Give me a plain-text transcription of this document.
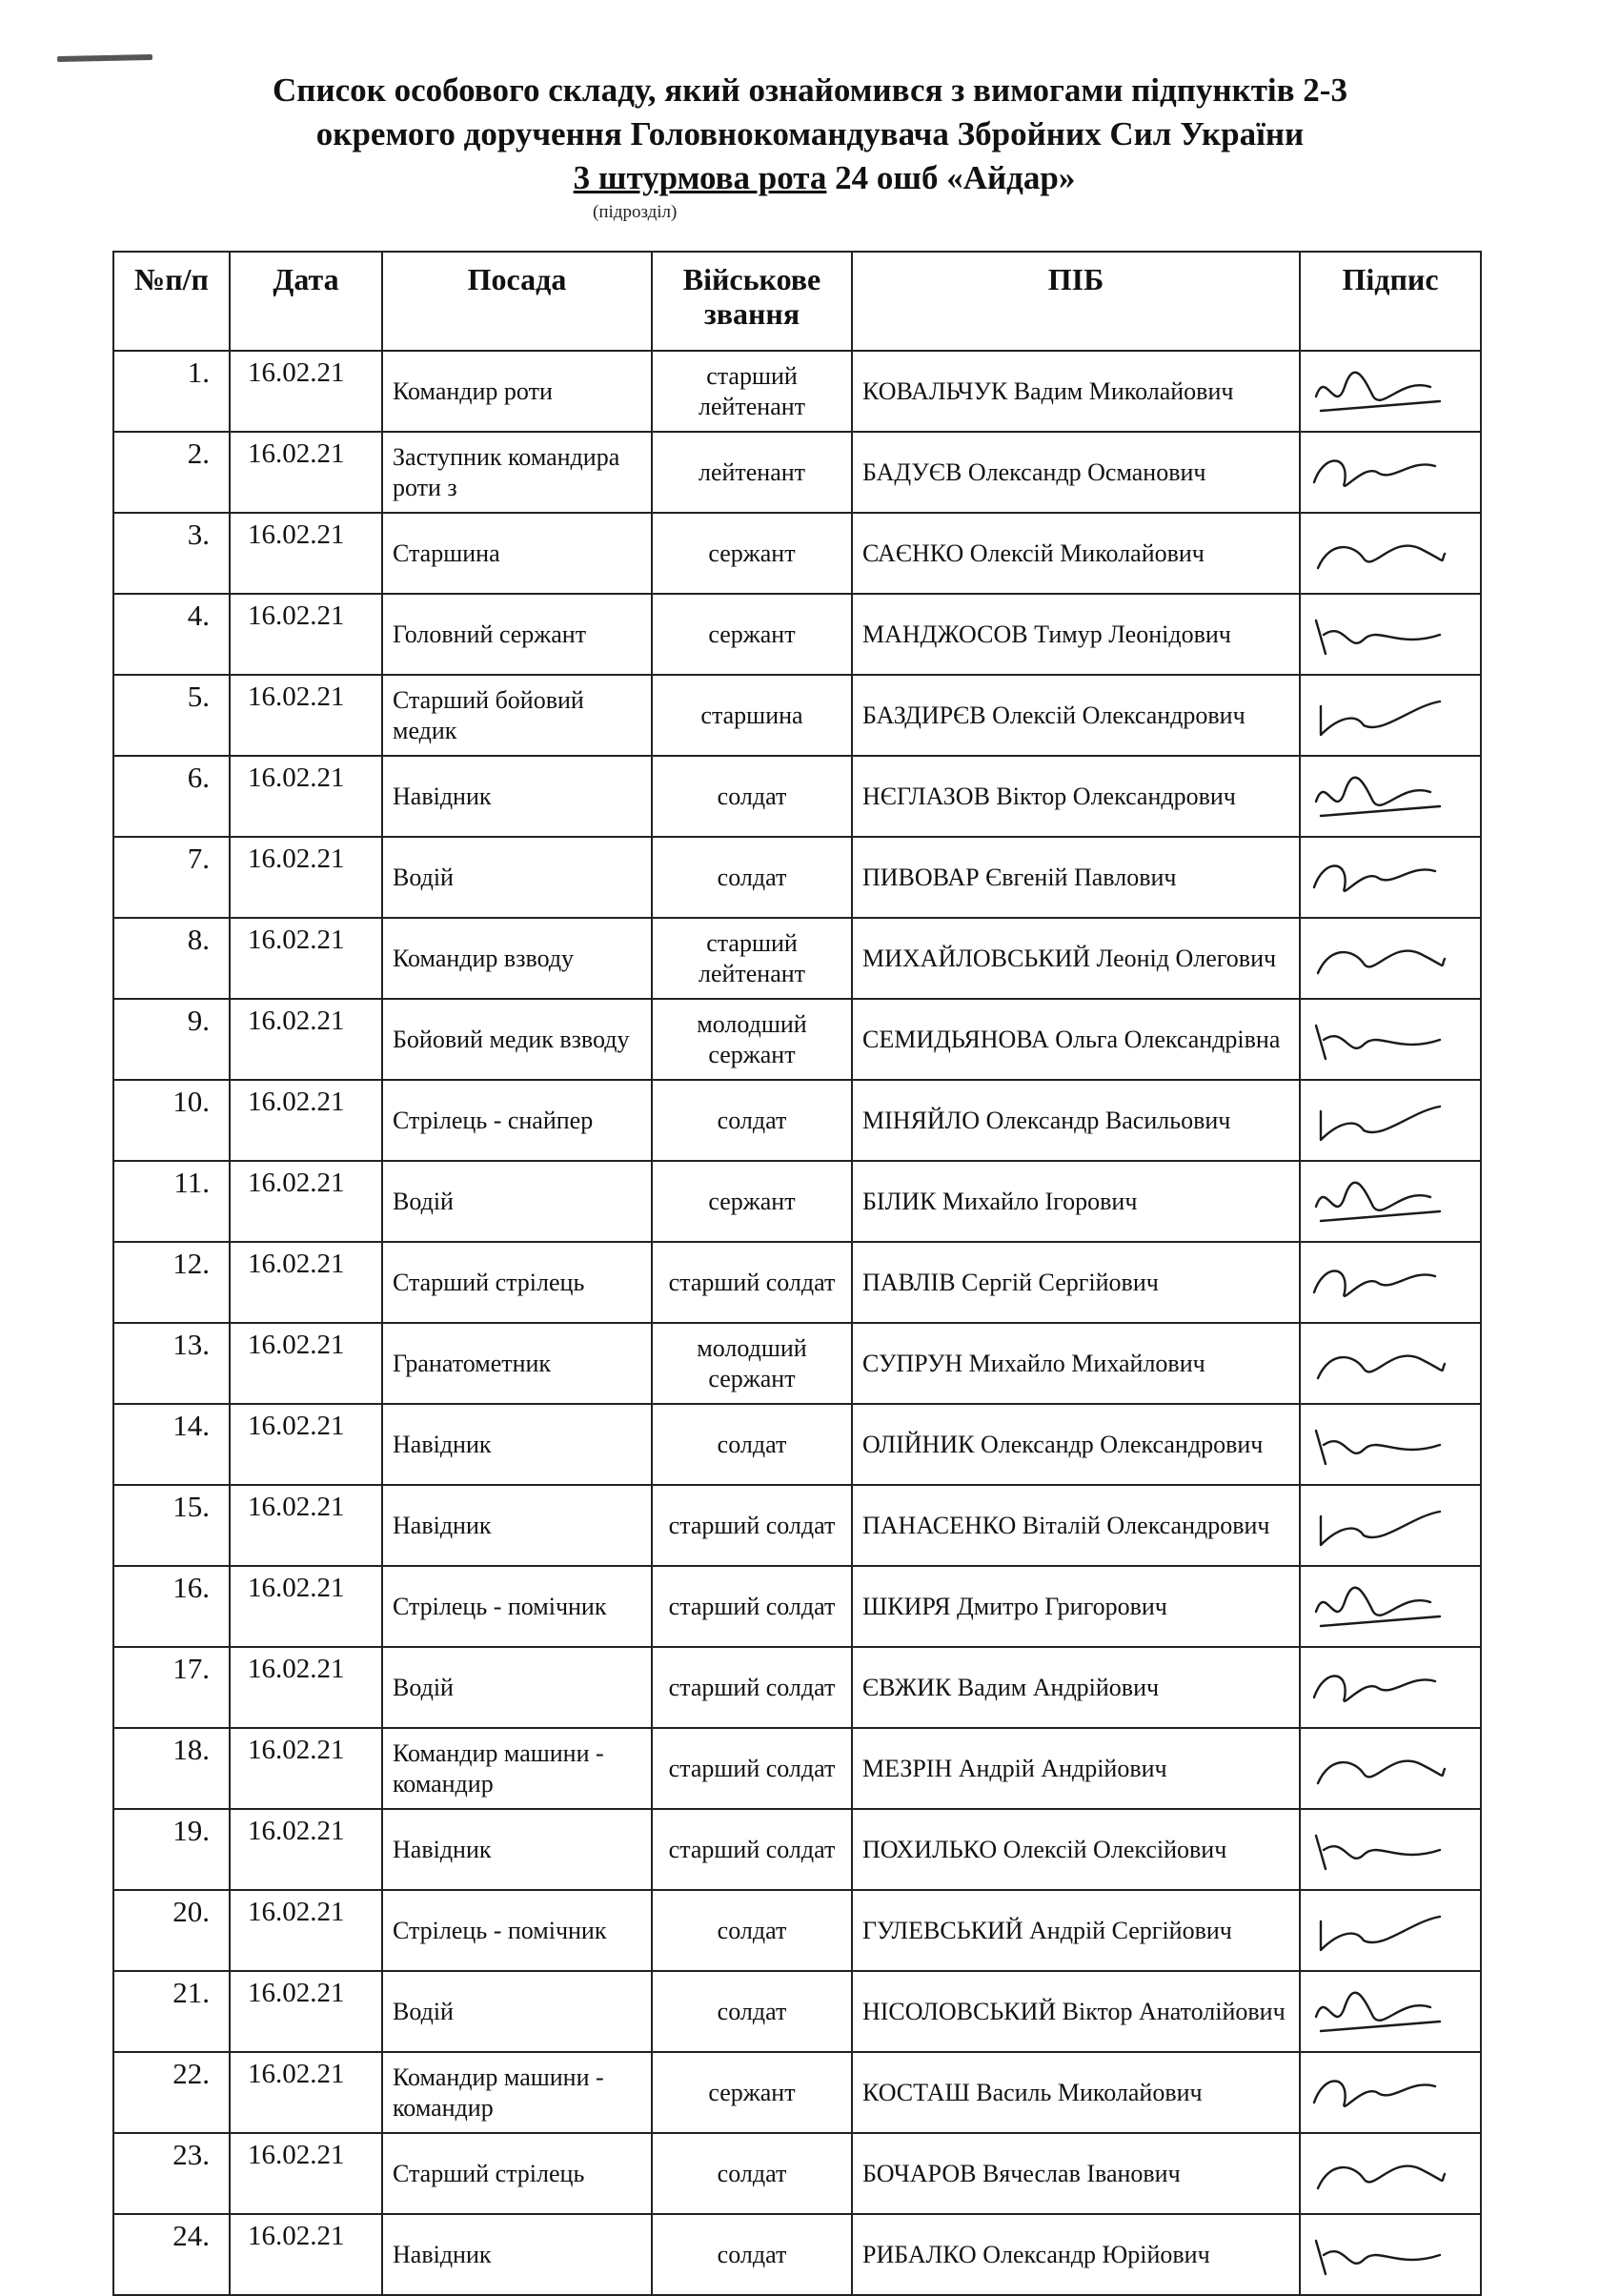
Список особового складу, який ознайомився з вимогами підпунктів 2-3

окремого доручення Головнокомандувача Збройних Сил України

3 штурмова рота 24 ошб «Айдар»

(підрозділ)
№п/п	Дата	Посада	Військове звання	ПІБ	Підпис
1.	16.02.21	Командир роти	старший лейтенант	КОВАЛЬЧУК Вадим Миколайович	

2.	16.02.21	Заступник командира роти з	лейтенант	БАДУЄВ Олександр Османович	

3.	16.02.21	Старшина	сержант	САЄНКО Олексій Миколайович	

4.	16.02.21	Головний сержант	сержант	МАНДЖОСОВ Тимур Леонідович	

5.	16.02.21	Старший бойовий медик	старшина	БАЗДИРЄВ Олексій Олександрович	

6.	16.02.21	Навідник	солдат	НЄГЛАЗОВ Віктор Олександрович	

7.	16.02.21	Водій	солдат	ПИВОВАР Євгеній Павлович	

8.	16.02.21	Командир взводу	старший лейтенант	МИХАЙЛОВСЬКИЙ Леонід Олегович	

9.	16.02.21	Бойовий медик взводу	молодший сержант	СЕМИДЬЯНОВА Ольга Олександрівна	

10.	16.02.21	Стрілець - снайпер	солдат	МІНЯЙЛО Олександр Васильович	

11.	16.02.21	Водій	сержант	БІЛИК Михайло Ігорович	

12.	16.02.21	Старший стрілець	старший солдат	ПАВЛІВ Сергій Сергійович	

13.	16.02.21	Гранатометник	молодший сержант	СУПРУН Михайло Михайлович	

14.	16.02.21	Навідник	солдат	ОЛІЙНИК Олександр Олександрович	

15.	16.02.21	Навідник	старший солдат	ПАНАСЕНКО Віталій Олександрович	

16.	16.02.21	Стрілець - помічник	старший солдат	ШКИРЯ Дмитро Григорович	

17.	16.02.21	Водій	старший солдат	ЄВЖИК Вадим Андрійович	

18.	16.02.21	Командир машини - командир	старший солдат	МЕЗРІН Андрій Андрійович	

19.	16.02.21	Навідник	старший солдат	ПОХИЛЬКО Олексій Олексійович	

20.	16.02.21	Стрілець - помічник	солдат	ГУЛЕВСЬКИЙ Андрій Сергійович	

21.	16.02.21	Водій	солдат	НІСОЛОВСЬКИЙ Віктор Анатолійович	

22.	16.02.21	Командир машини - командир	сержант	КОСТАШ Василь Миколайович	

23.	16.02.21	Старший стрілець	солдат	БОЧАРОВ Вячеслав Іванович	

24.	16.02.21	Навідник	солдат	РИБАЛКО Олександр Юрійович	
